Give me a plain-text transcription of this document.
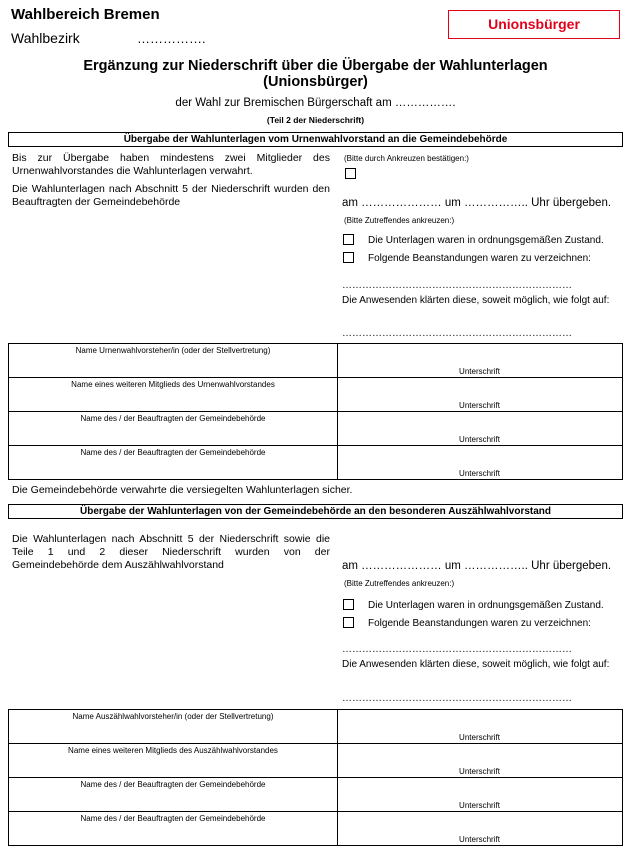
Wahlbereich Bremen
Wahlbezirk	…………….
Unionsbürger
Ergänzung zur Niederschrift über die Übergabe der Wahlunterlagen
(Unionsbürger)
der Wahl zur Bremischen Bürgerschaft am …………….
(Teil 2 der Niederschrift)
Übergabe der Wahlunterlagen vom Urnenwahlvorstand an die Gemeindebehörde
Bis zur Übergabe haben mindestens zwei Mitglieder des Urnenwahlvorstandes die Wahlunterlagen verwahrt.
(Bitte durch Ankreuzen bestätigen:)
Die Wahlunterlagen nach Abschnitt 5 der Niederschrift wurden den Beauftragten der Gemeindebehörde	am ………………… um …………….. Uhr übergeben.
(Bitte Zutreffendes ankreuzen:)
Die Unterlagen waren in ordnungsgemäßen Zustand.
Folgende Beanstandungen waren zu verzeichnen:
……………………………………………………………
Die Anwesenden klärten diese, soweit möglich, wie folgt auf:
……………………………………………………………
Name Urnenwahlvorsteher/in (oder der Stellvertretung)
Unterschrift
Name eines weiteren Mitglieds des Urnenwahlvorstandes
Unterschrift
Name des / der Beauftragten der Gemeindebehörde
Unterschrift
Name des / der Beauftragten der Gemeindebehörde
Unterschrift
Die Gemeindebehörde verwahrte die versiegelten Wahlunterlagen sicher.
Übergabe der Wahlunterlagen von der Gemeindebehörde an den besonderen Auszählwahlvorstand
Die Wahlunterlagen nach Abschnitt 5 der Niederschrift sowie die Teile 1 und 2 dieser Niederschrift wurden von der Gemeindebehörde dem Auszählwahlvorstand	am ………………… um …………….. Uhr übergeben.
(Bitte Zutreffendes ankreuzen:)
Die Unterlagen waren in ordnungsgemäßen Zustand.
Folgende Beanstandungen waren zu verzeichnen:
……………………………………………………………
Die Anwesenden klärten diese, soweit möglich, wie folgt auf:
……………………………………………………………
Name Auszählwahlvorsteher/in (oder der Stellvertretung)
Unterschrift
Name eines weiteren Mitglieds des Auszählwahlvorstandes
Unterschrift
Name des / der Beauftragten der Gemeindebehörde
Unterschrift
Name des / der Beauftragten der Gemeindebehörde
Unterschrift
